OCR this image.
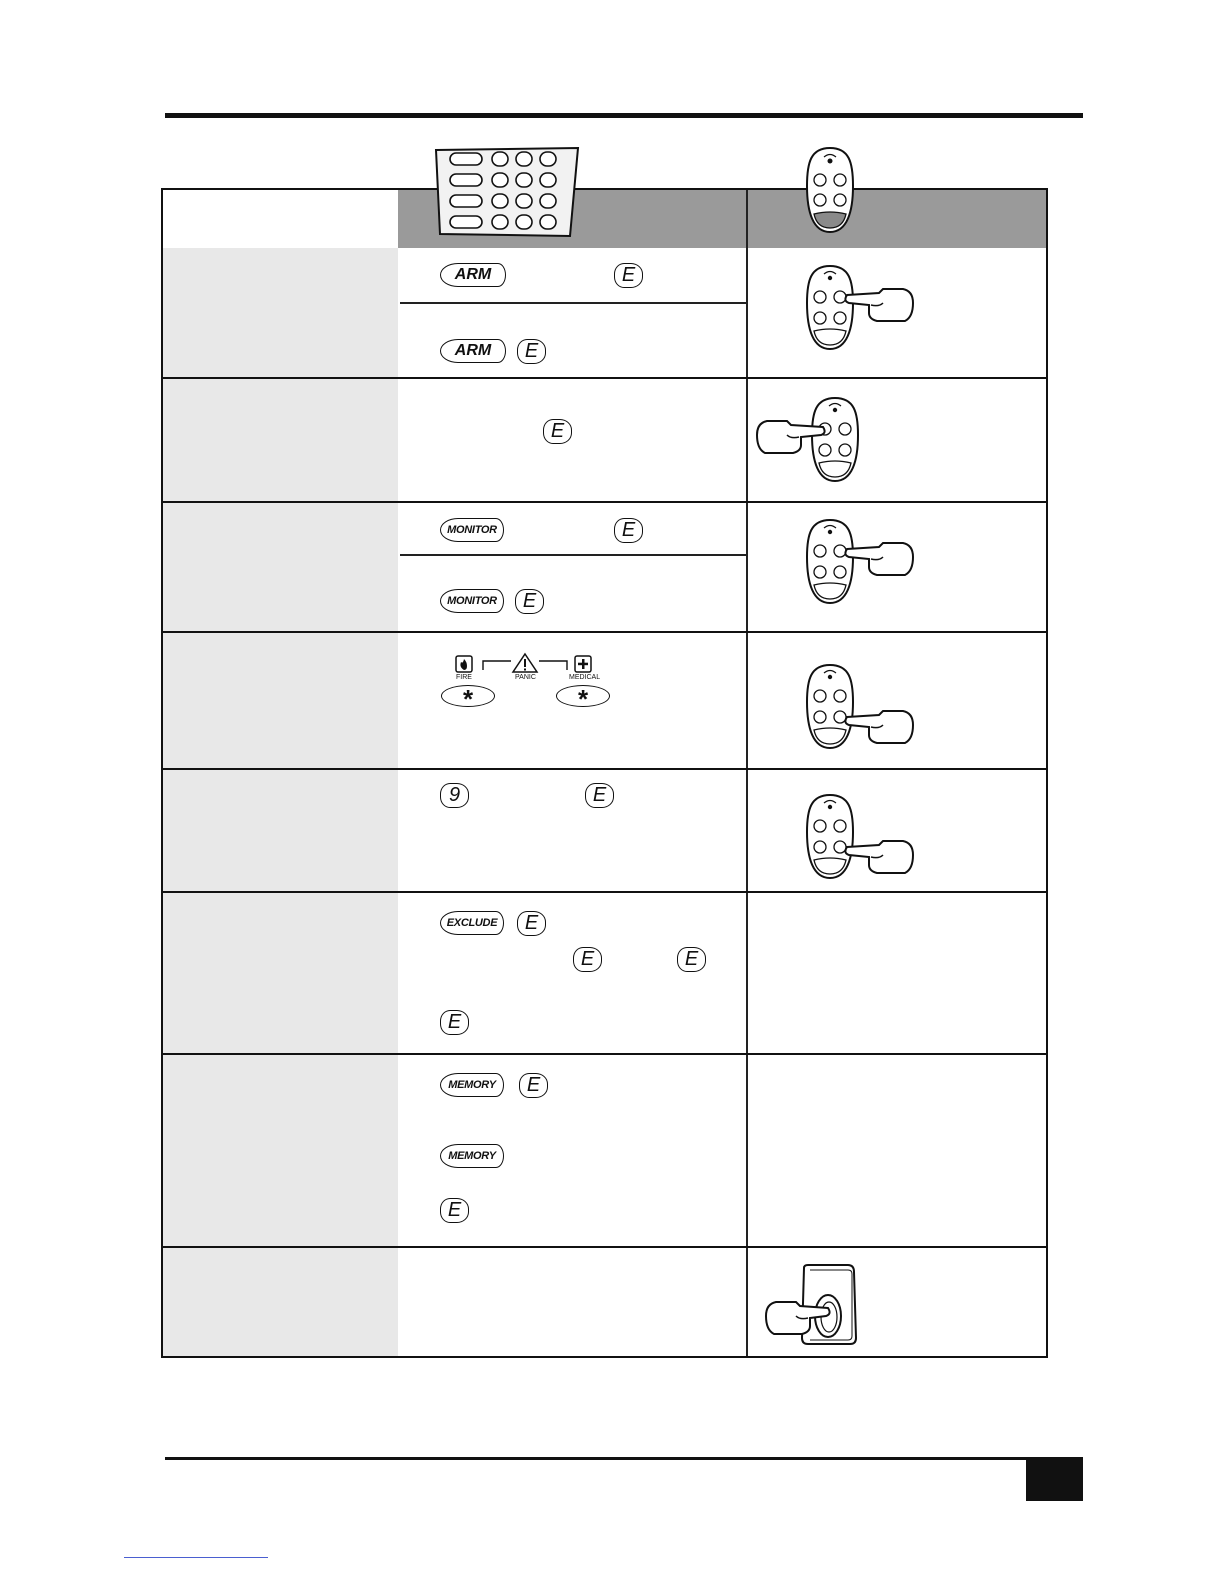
ARM	E
ARM	E
E
MONITOR	E
MONITOR	E
FIRE	PANIC	MEDICAL
*	*
9	E
EXCLUDE	E
E	E
E
MEMORY	E
MEMORY
E
